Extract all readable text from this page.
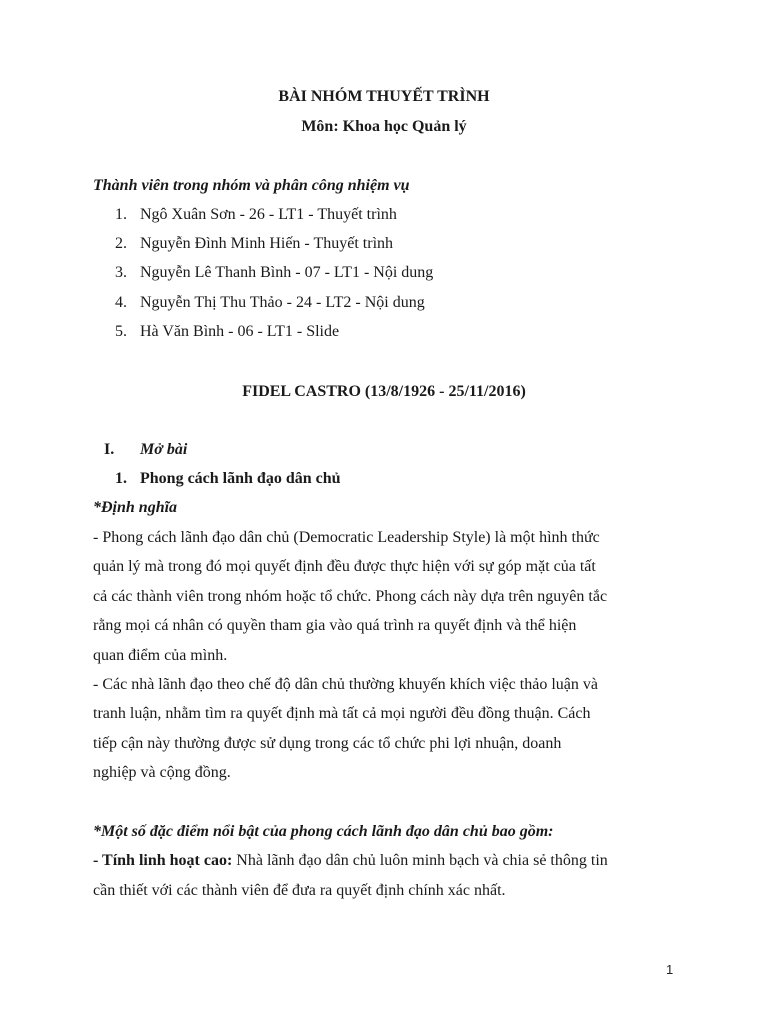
BÀI NHÓM THUYẾT TRÌNH
Môn: Khoa học Quản lý
Thành viên trong nhóm và phân công nhiệm vụ
1. Ngô Xuân Sơn - 26 - LT1 - Thuyết trình
2. Nguyễn Đình Minh Hiến - Thuyết trình
3. Nguyễn Lê Thanh Bình - 07 - LT1 - Nội dung
4. Nguyễn Thị Thu Thảo - 24 - LT2 - Nội dung
5. Hà Văn Bình - 06 - LT1 - Slide
FIDEL CASTRO (13/8/1926 - 25/11/2016)
I. Mở bài
1. Phong cách lãnh đạo dân chủ
*Định nghĩa
- Phong cách lãnh đạo dân chủ (Democratic Leadership Style) là một hình thức
quản lý mà trong đó mọi quyết định đều được thực hiện với sự góp mặt của tất
cả các thành viên trong nhóm hoặc tổ chức. Phong cách này dựa trên nguyên tắc
rằng mọi cá nhân có quyền tham gia vào quá trình ra quyết định và thể hiện
quan điểm của mình.
- Các nhà lãnh đạo theo chế độ dân chủ thường khuyến khích việc thảo luận và
tranh luận, nhằm tìm ra quyết định mà tất cả mọi người đều đồng thuận. Cách
tiếp cận này thường được sử dụng trong các tổ chức phi lợi nhuận, doanh
nghiệp và cộng đồng.
*Một số đặc điểm nổi bật của phong cách lãnh đạo dân chủ bao gồm:
- Tính linh hoạt cao: Nhà lãnh đạo dân chủ luôn minh bạch và chia sẻ thông tin
cần thiết với các thành viên để đưa ra quyết định chính xác nhất.
1
